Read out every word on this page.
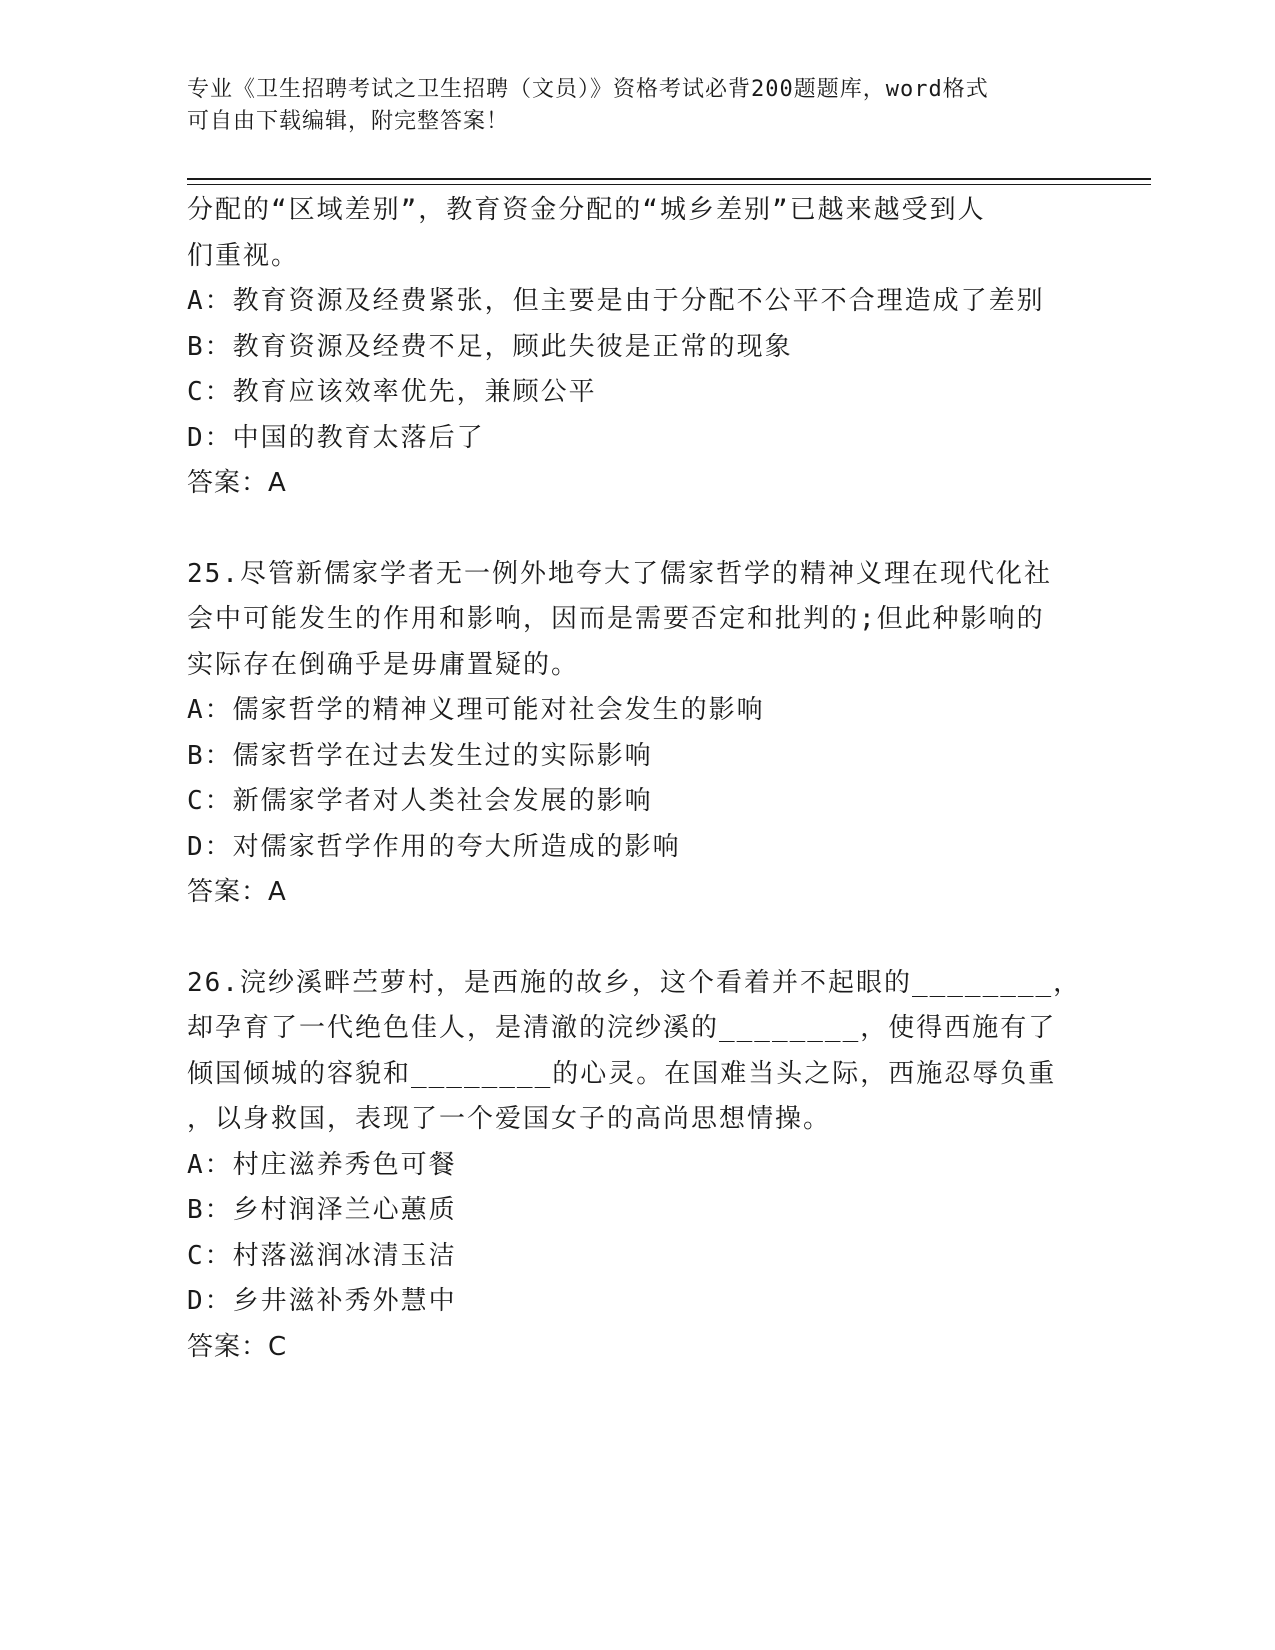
专业《卫生招聘考试之卫生招聘（文员）》资格考试必背200题题库，word格式
可自由下载编辑，附完整答案！
分配的“区域差别”，教育资金分配的“城乡差别”已越来越受到人
们重视。
A：教育资源及经费紧张，但主要是由于分配不公平不合理造成了差别
B：教育资源及经费不足，顾此失彼是正常的现象
C：教育应该效率优先，兼顾公平
D：中国的教育太落后了
答案：A
25.尽管新儒家学者无一例外地夸大了儒家哲学的精神义理在现代化社
会中可能发生的作用和影响，因而是需要否定和批判的;但此种影响的
实际存在倒确乎是毋庸置疑的。
A：儒家哲学的精神义理可能对社会发生的影响
B：儒家哲学在过去发生过的实际影响
C：新儒家学者对人类社会发展的影响
D：对儒家哲学作用的夸大所造成的影响
答案：A
26.浣纱溪畔苎萝村，是西施的故乡，这个看着并不起眼的________，
却孕育了一代绝色佳人，是清澈的浣纱溪的________，使得西施有了
倾国倾城的容貌和________的心灵。在国难当头之际，西施忍辱负重
，以身救国，表现了一个爱国女子的高尚思想情操。
A：村庄滋养秀色可餐
B：乡村润泽兰心蕙质
C：村落滋润冰清玉洁
D：乡井滋补秀外慧中
答案：C
